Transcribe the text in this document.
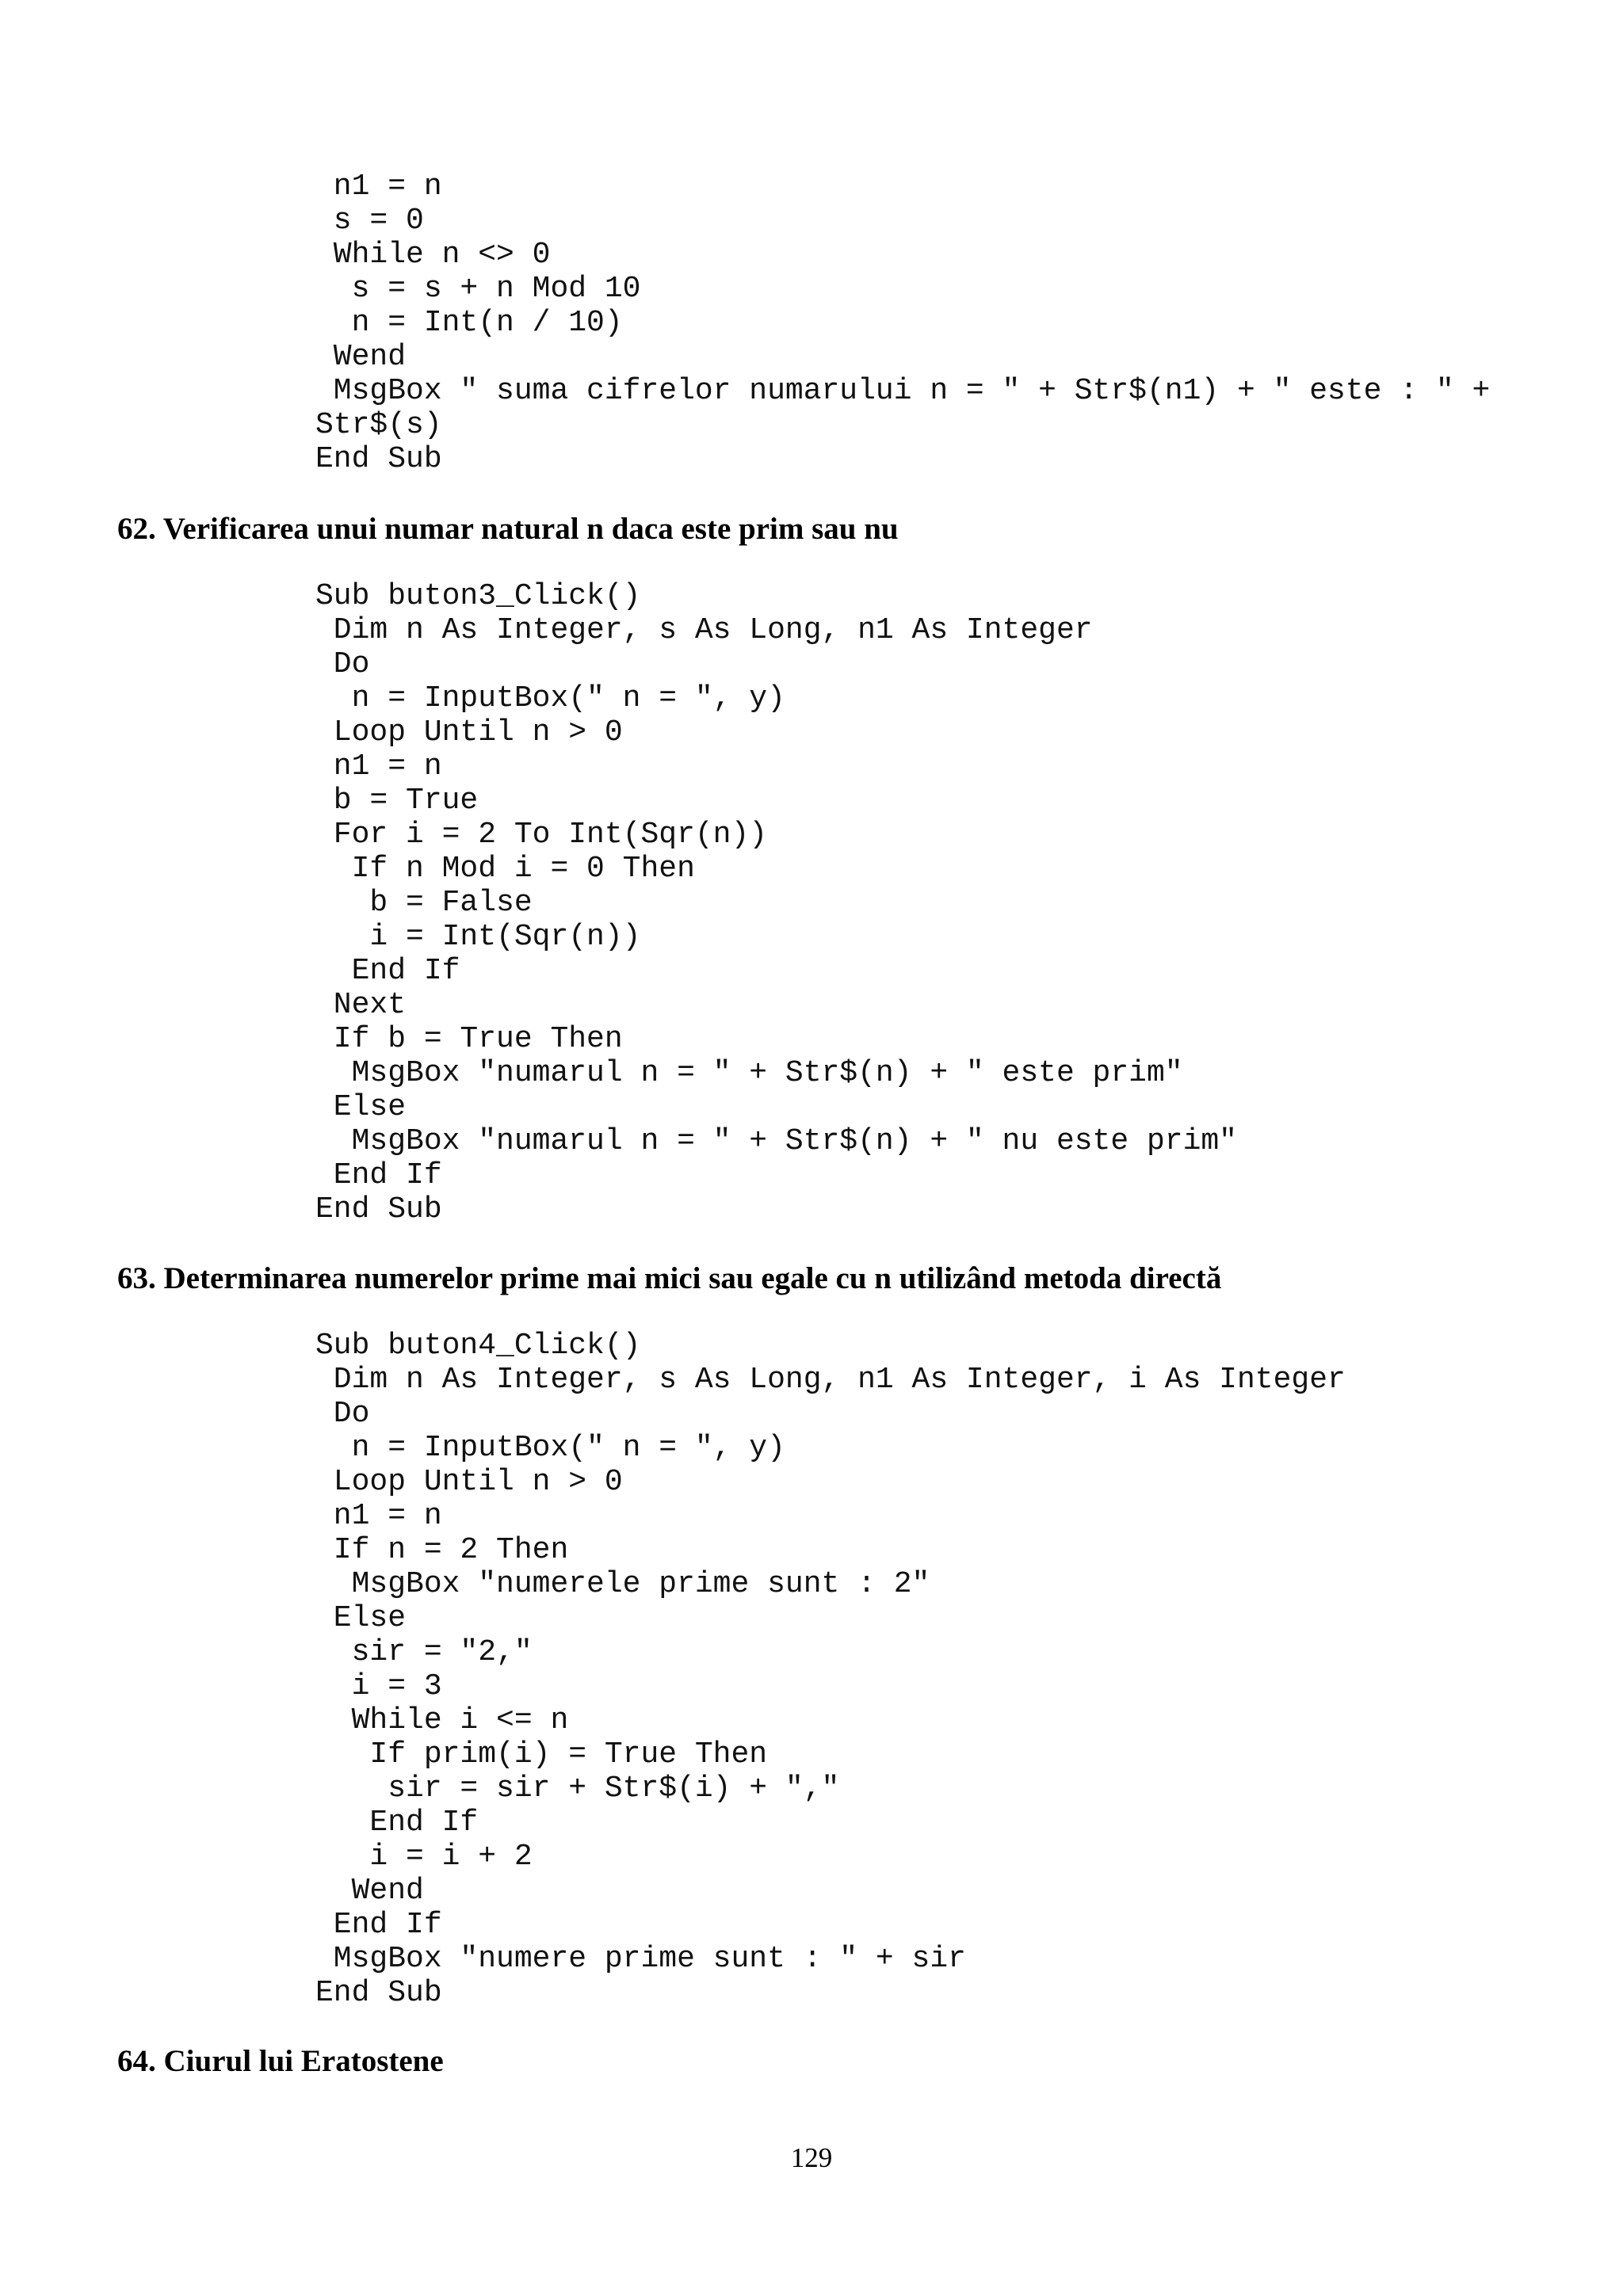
n1 = n
s = 0
While n <> 0
s = s + n Mod 10
n = Int(n / 10)
Wend
MsgBox " suma cifrelor numarului n = " + Str$(n1) + " este : " +
Str$(s)
End Sub
62. Verificarea unui numar natural n daca este prim sau nu
Sub buton3_Click()
Dim n As Integer, s As Long, n1 As Integer
Do
n = InputBox(" n = ", y)
Loop Until n > 0
n1 = n
b = True
For i = 2 To Int(Sqr(n))
If n Mod i = 0 Then
b = False
i = Int(Sqr(n))
End If
Next
If b = True Then
MsgBox "numarul n = " + Str$(n) + " este prim"
Else
MsgBox "numarul n = " + Str$(n) + " nu este prim"
End If
End Sub
63. Determinarea numerelor prime mai mici sau egale cu n utilizând metoda directă
Sub buton4_Click()
Dim n As Integer, s As Long, n1 As Integer, i As Integer
Do
n = InputBox(" n = ", y)
Loop Until n > 0
n1 = n
If n = 2 Then
MsgBox "numerele prime sunt : 2"
Else
sir = "2,"
i = 3
While i <= n
If prim(i) = True Then
sir = sir + Str$(i) + ","
End If
i = i + 2
Wend
End If
MsgBox "numere prime sunt : " + sir
End Sub
64. Ciurul lui Eratostene
129
